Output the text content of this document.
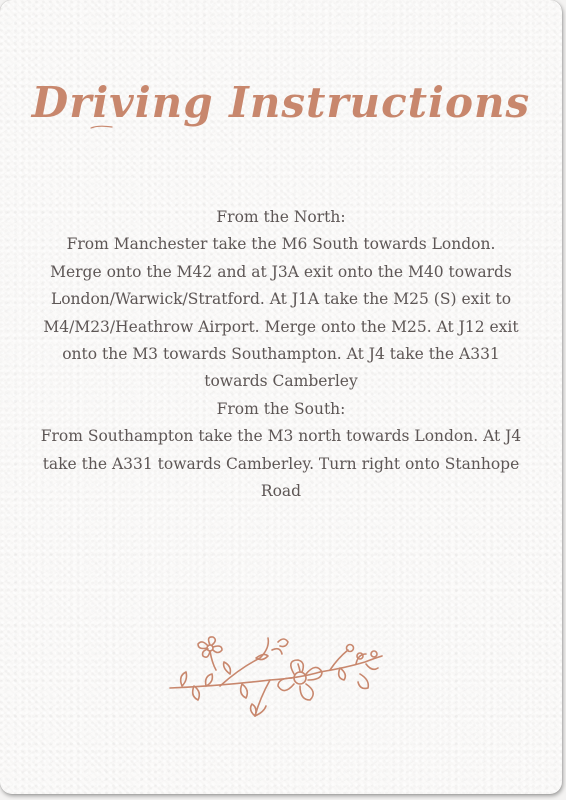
Driving Instructions

From the North:

From Manchester take the M6 South towards London. Merge onto the M42 and at J3A exit onto the M40 towards London/Warwick/Stratford. At J1A take the M25 (S) exit to M4/M23/Heathrow Airport. Merge onto the M25. At J12 exit onto the M3 towards Southampton. At J4 take the A331 towards Camberley

From the South:

From Southampton take the M3 north towards London. At J4 take the A331 towards Camberley. Turn right onto Stanhope Road
